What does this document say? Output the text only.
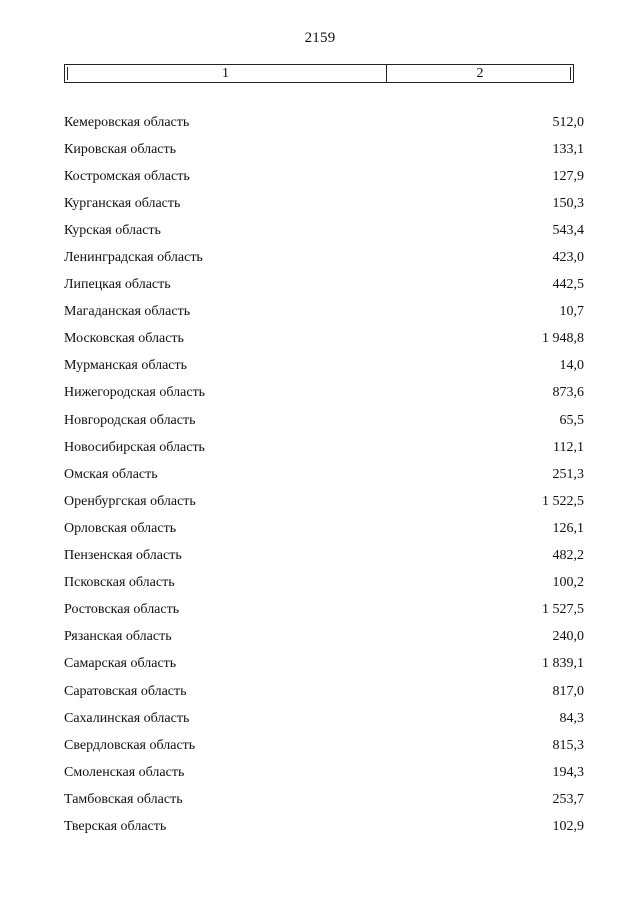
2159
1	2
Кемеровская область	512,0
Кировская область	133,1
Костромская область	127,9
Курганская область	150,3
Курская область	543,4
Ленинградская область	423,0
Липецкая область	442,5
Магаданская область	10,7
Московская область	1 948,8
Мурманская область	14,0
Нижегородская область	873,6
Новгородская область	65,5
Новосибирская область	112,1
Омская область	251,3
Оренбургская область	1 522,5
Орловская область	126,1
Пензенская область	482,2
Псковская область	100,2
Ростовская область	1 527,5
Рязанская область	240,0
Самарская область	1 839,1
Саратовская область	817,0
Сахалинская область	84,3
Свердловская область	815,3
Смоленская область	194,3
Тамбовская область	253,7
Тверская область	102,9
